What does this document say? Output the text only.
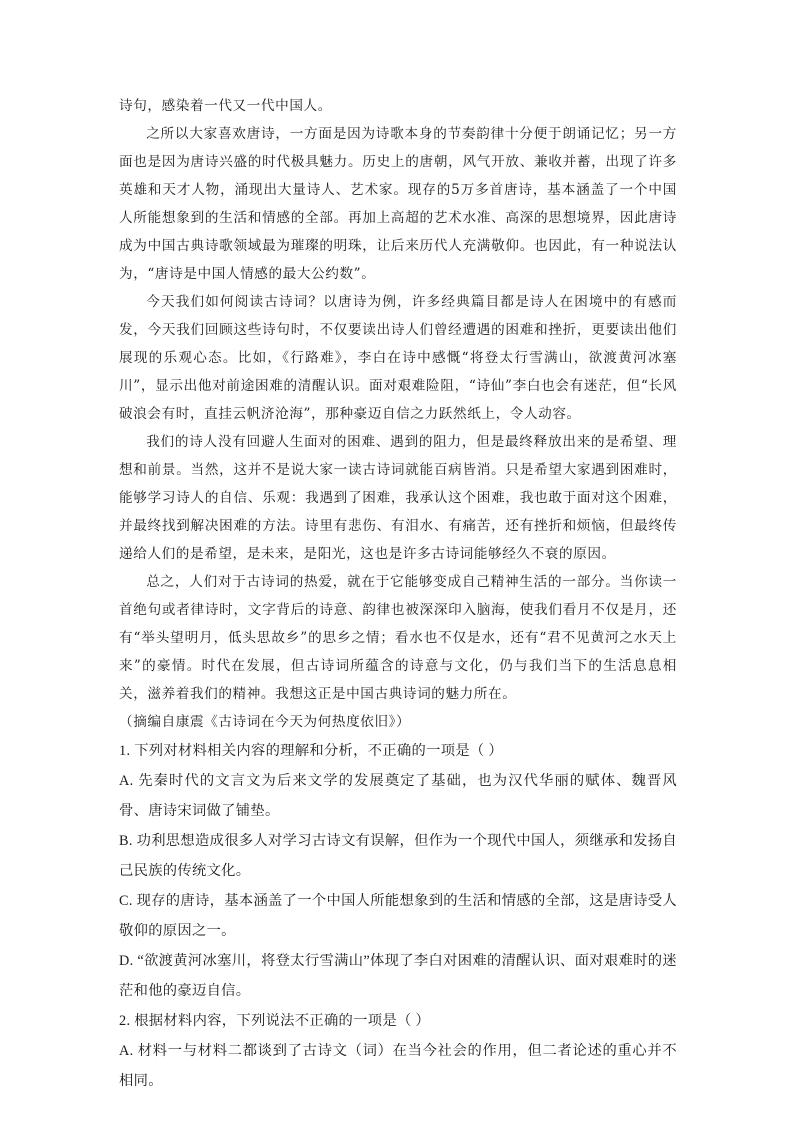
诗句，感染着一代又一代中国人。

之所以大家喜欢唐诗，一方面是因为诗歌本身的节奏韵律十分便于朗诵记忆；另一方面也是因为唐诗兴盛的时代极具魅力。历史上的唐朝，风气开放、兼收并蓄，出现了许多英雄和天才人物，涌现出大量诗人、艺术家。现存的5万多首唐诗，基本涵盖了一个中国人所能想象到的生活和情感的全部。再加上高超的艺术水准、高深的思想境界，因此唐诗成为中国古典诗歌领域最为璀璨的明珠，让后来历代人充满敬仰。也因此，有一种说法认为，“唐诗是中国人情感的最大公约数”。

今天我们如何阅读古诗词？以唐诗为例，许多经典篇目都是诗人在困境中的有感而发，今天我们回顾这些诗句时，不仅要读出诗人们曾经遭遇的困难和挫折，更要读出他们展现的乐观心态。比如，《行路难》，李白在诗中感慨“将登太行雪满山，欲渡黄河冰塞川”，显示出他对前途困难的清醒认识。面对艰难险阻，“诗仙”李白也会有迷茫，但“长风破浪会有时，直挂云帆济沧海”，那种豪迈自信之力跃然纸上，令人动容。

我们的诗人没有回避人生面对的困难、遇到的阻力，但是最终释放出来的是希望、理想和前景。当然，这并不是说大家一读古诗词就能百病皆消。只是希望大家遇到困难时，能够学习诗人的自信、乐观：我遇到了困难，我承认这个困难，我也敢于面对这个困难，并最终找到解决困难的方法。诗里有悲伤、有泪水、有痛苦，还有挫折和烦恼，但最终传递给人们的是希望，是未来，是阳光，这也是许多古诗词能够经久不衰的原因。

总之，人们对于古诗词的热爱，就在于它能够变成自己精神生活的一部分。当你读一首绝句或者律诗时，文字背后的诗意、韵律也被深深印入脑海，使我们看月不仅是月，还有“举头望明月，低头思故乡”的思乡之情；看水也不仅是水，还有“君不见黄河之水天上来”的豪情。时代在发展，但古诗词所蕴含的诗意与文化，仍与我们当下的生活息息相关，滋养着我们的精神。我想这正是中国古典诗词的魅力所在。

（摘编自康震《古诗词在今天为何热度依旧》）

1. 下列对材料相关内容的理解和分析，不正确的一项是（ ）

A. 先秦时代的文言文为后来文学的发展奠定了基础，也为汉代华丽的赋体、魏晋风骨、唐诗宋词做了铺垫。

B. 功利思想造成很多人对学习古诗文有误解，但作为一个现代中国人，须继承和发扬自己民族的传统文化。

C. 现存的唐诗，基本涵盖了一个中国人所能想象到的生活和情感的全部，这是唐诗受人敬仰的原因之一。

D. “欲渡黄河冰塞川，将登太行雪满山”体现了李白对困难的清醒认识、面对艰难时的迷茫和他的豪迈自信。

2. 根据材料内容，下列说法不正确的一项是（ ）

A. 材料一与材料二都谈到了古诗文（词）在当今社会的作用，但二者论述的重心并不相同。
